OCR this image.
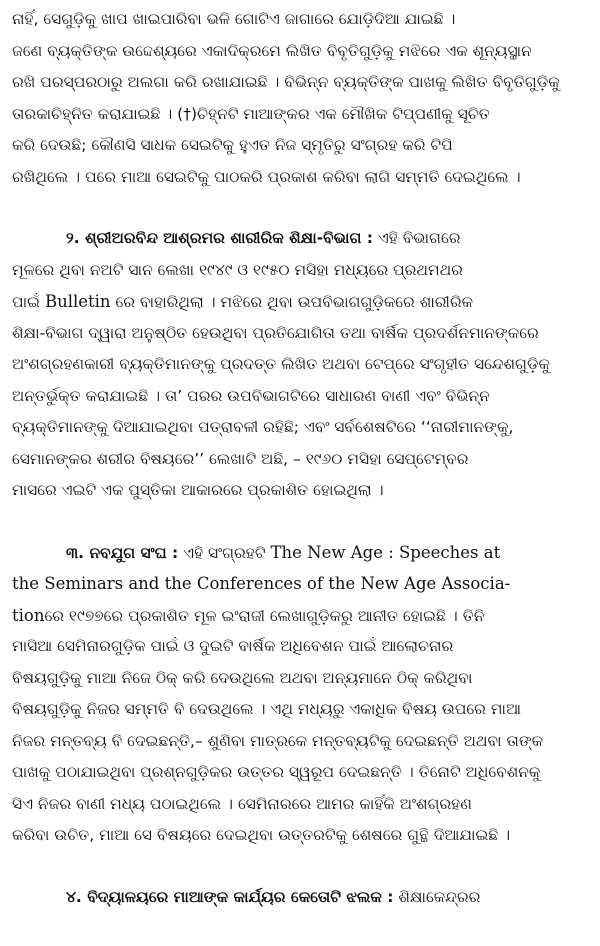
ନାହିଁ, ସେଗୁଡ଼ିକୁ ଖାପ ଖାଇପାରିବା ଭଳି ଗୋଟିଏ ଜାଗାରେ ଯୋଡ଼ିଦିଆ ଯାଇଛି ।
ଜଣେ ବ୍ୟକ୍ତିଙ୍କ ଉଦ୍ଦେଶ୍ୟରେ ଏକାଦିକ୍ରମେ ଲିଖିତ ବିବୃତିଗୁଡ଼ିକୁ ମଝିରେ ଏକ ଶୂନ୍ୟସ୍ଥାନ
ରଖି ପରସ୍ପରଠାରୁ ଅଲଗା କରି ରଖାଯାଇଛି । ବିଭିନ୍ନ ବ୍ୟକ୍ତିଙ୍କ ପାଖକୁ ଲିଖିତ ବିବୃତିଗୁଡ଼ିକୁ
ତାରକାଚିହ୍ନିତ କରାଯାଇଛି । (†)ଚିହ୍ନଟି ମାଆଙ୍କର ଏକ ମୌଖିକ ଟିପ୍ପଣୀକୁ ସୂଚିତ
କରି ଦେଉଛି; କୌଣସି ସାଧକ ସେଇଟିକୁ ହୁଏତ ନିଜ ସ୍ମୃତିରୁ ସଂଗ୍ରହ କରି ଟିପି
ରଖିଥିଲେ । ପରେ ମାଆ ସେଇଟିକୁ ପାଠକରି ପ୍ରକାଶ କରିବା ଲାଗି ସମ୍ମତି ଦେଇଥିଲେ ।
୨. ଶ୍ରୀଅରବିନ୍ଦ ଆଶ୍ରମର ଶାରୀରିକ ଶିକ୍ଷା-ବିଭାଗ : ଏହି ବିଭାଗରେ
ମୂଳରେ ଥିବା ନଅଟି ସାନ ଲେଖା ୧୯୪୯ ଓ ୧୯୫୦ ମସିହା ମଧ୍ୟରେ ପ୍ରଥମଥର
ପାଇଁ Bulletin ରେ ବାହାରିଥିଲା । ମଝିରେ ଥିବା ଉପବିଭାଗଗୁଡ଼ିକରେ ଶାରୀରିକ
ଶିକ୍ଷା-ବିଭାଗ ଦ୍ୱାରା ଅନୁଷ୍ଠିତ ହେଉଥିବା ପ୍ରତିଯୋଗିତା ତଥା ବାର୍ଷିକ ପ୍ରଦର୍ଶନମାନଙ୍କରେ
ଅଂଶଗ୍ରହଣକାରୀ ବ୍ୟକ୍ତିମାନଙ୍କୁ ପ୍ରଦତ୍ତ ଲିଖିତ ଅଥବା ଟେପ୍‌ରେ ସଂଗୃହୀତ ସନ୍ଦେଶଗୁଡ଼ିକୁ
ଅନ୍ତର୍ଭୁକ୍ତ କରାଯାଇଛି । ତା’ ପରର ଉପବିଭାଗଟିରେ ସାଧାରଣ ବାଣୀ ଏବଂ ବିଭିନ୍ନ
ବ୍ୟକ୍ତିମାନଙ୍କୁ ଦିଆଯାଇଥିବା ପତ୍ରାବଳୀ ରହିଛି; ଏବଂ ସର୍ବଶେଷଟିରେ ‘‘ନାରୀମାନଙ୍କୁ,
ସେମାନଙ୍କର ଶରୀର ବିଷୟରେ’’ ଲେଖାଟି ଅଛି, – ୧୯୬୦ ମସିହା ସେପ୍ଟେମ୍ବର
ମାସରେ ଏଇଟି ଏକ ପୁସ୍ତିକା ଆକାରରେ ପ୍ରକାଶିତ ହୋଇଥିଲା ।
୩. ନବଯୁଗ ସଂଘ : ଏହି ସଂଗ୍ରହଟି The New Age : Speeches at
the Seminars and the Conferences of the New Age Associa-
tionରେ ୧୯୭୭ରେ ପ୍ରକାଶିତ ମୂଳ ଇଂରାଜୀ ଲେଖାଗୁଡ଼ିକରୁ ଆନୀତ ହୋଇଛି । ତିନି
ମାସିଆ ସେମିନାରଗୁଡ଼ିକ ପାଇଁ ଓ ଦୁଇଟି ବାର୍ଷିକ ଅଧିବେଶନ ପାଇଁ ଆଲୋଚନାର
ବିଷୟଗୁଡ଼ିକୁ ମାଆ ନିଜେ ଠିକ୍ କରି ଦେଉଥିଲେ ଅଥବା ଅନ୍ୟମାନେ ଠିକ୍ କରିଥିବା
ବିଷୟଗୁଡ଼ିକୁ ନିଜର ସମ୍ମତି ବି ଦେଉଥିଲେ । ଏଥି ମଧ୍ୟରୁ ଏକାଧିକ ବିଷୟ ଉପରେ ମାଆ
ନିଜର ମନ୍ତବ୍ୟ ବି ଦେଇଛନ୍ତି,– ଶୁଣିବା ମାତ୍ରକେ ମନ୍ତବ୍ୟଟିକୁ ଦେଇଛନ୍ତି ଅଥବା ତାଙ୍କ
ପାଖକୁ ପଠାଯାଇଥିବା ପ୍ରଶ୍ନଗୁଡ଼ିକର ଉତ୍ତର ସ୍ୱରୂପ ଦେଇଛନ୍ତି । ତିନୋଟି ଅଧିବେଶନକୁ
ସିଏ ନିଜର ବାଣୀ ମଧ୍ୟ ପଠାଇଥିଲେ । ସେମିନାରରେ ଆମର କାହିଁକି ଅଂଶଗ୍ରହଣ
କରିବା ଉଚିତ, ମାଆ ସେ ବିଷୟରେ ଦେଇଥିବା ଉତ୍ତରଟିକୁ ଶେଷରେ ଗୁନ୍ଥି ଦିଆଯାଇଛି ।
୪. ବିଦ୍ୟାଳୟରେ ମାଆଙ୍କ କାର୍ଯ୍ୟର କେତୋଟି ଝଲକ : ଶିକ୍ଷାକେନ୍ଦ୍ରର
